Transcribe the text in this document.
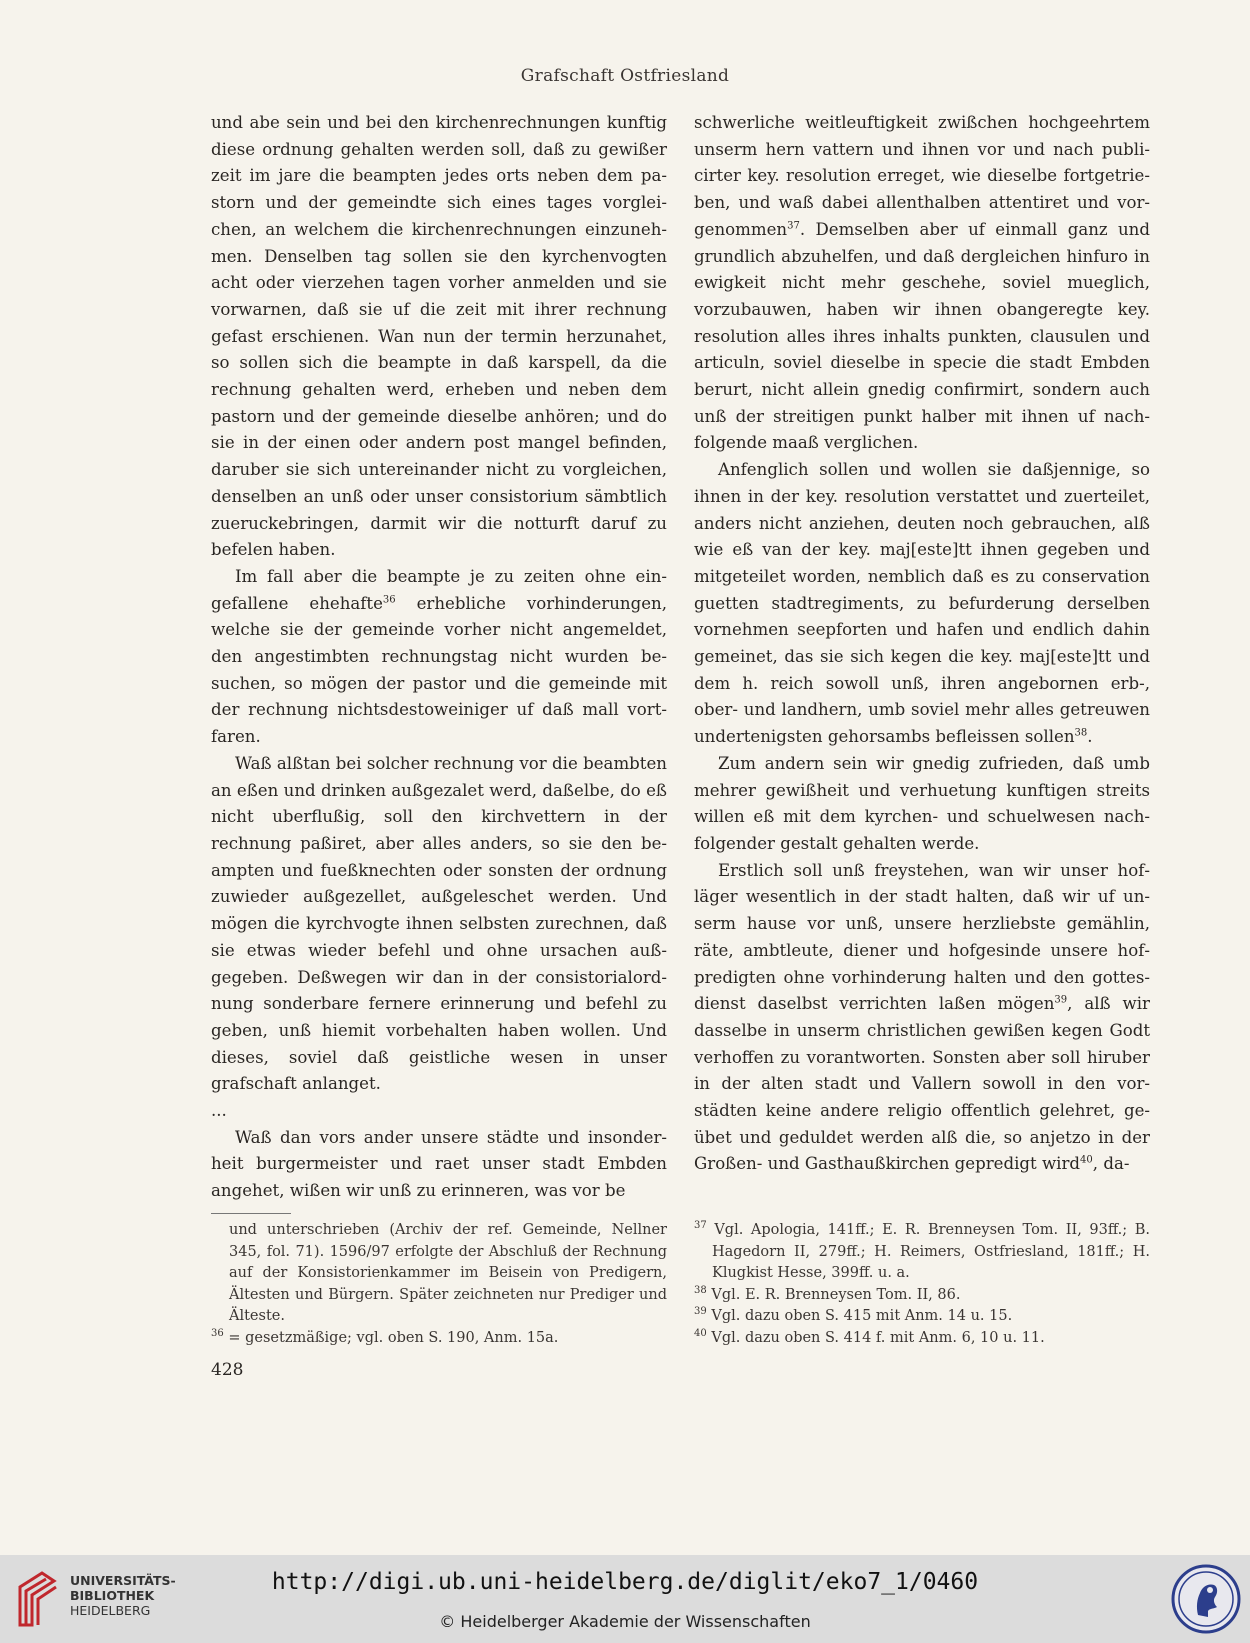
Grafschaft Ostfriesland

und abe sein und bei den kirchenrechnungen kunftig diese ordnung gehalten werden soll, daß zu gewißer zeit im jare die beampten jedes orts neben dem pastorn und der gemeindte sich eines tages vorgleichen, an welchem die kirchenrechnungen einzunehmen. Denselben tag sollen sie den kyrchenvogten acht oder vierzehen tagen vorher anmelden und sie vorwarnen, daß sie uf die zeit mit ihrer rechnung gefast erschienen. Wan nun der termin herzunahet, so sollen sich die beampte in daß karspell, da die rechnung gehalten werd, erheben und neben dem pastorn und der gemeinde dieselbe anhören; und do sie in der einen oder andern post mangel befinden, daruber sie sich untereinander nicht zu vorgleichen, denselben an unß oder unser consistorium sämbtlich zueruckebringen, darmit wir die notturft daruf zu befelen haben.

Im fall aber die beampte je zu zeiten ohne eingefallene ehehafte$^{36}$ erhebliche vorhinderungen, welche sie der gemeinde vorher nicht angemeldet, den angestimbten rechnungstag nicht wurden besuchen, so mögen der pastor und die gemeinde mit der rechnung nichtsdestoweiniger uf daß mall vortfaren.

Waß alßtan bei solcher rechnung vor die beambten an eßen und drinken außgezalet werd, daßelbe, do eß nicht uberflußig, soll den kirchvettern in der rechnung paßiret, aber alles anders, so sie den beampten und fueßknechten oder sonsten der ordnung zuwieder außgezellet, außgeleschet werden. Und mögen die kyrchvogte ihnen selbsten zurechnen, daß sie etwas wieder befehl und ohne ursachen außgegeben. Deßwegen wir dan in der consistorialordnung sonderbare fernere erinnerung und befehl zu geben, unß hiemit vorbehalten haben wollen. Und dieses, soviel daß geistliche wesen in unser grafschaft anlanget.

...

Waß dan vors ander unsere städte und insonderheit burgermeister und raet unser stadt Embden angehet, wißen wir unß zu erinneren, was vor be

schwerliche weitleuftigkeit zwißchen hochgeehrtem unserm hern vattern und ihnen vor und nach publicirter key. resolution erreget, wie dieselbe fortgetrieben, und waß dabei allenthalben attentiret und vorgenommen$^{37}$. Demselben aber uf einmall ganz und grundlich abzuhelfen, und daß dergleichen hinfuro in ewigkeit nicht mehr geschehe, soviel mueglich, vorzubauwen, haben wir ihnen obangeregte key. resolution alles ihres inhalts punkten, clausulen und articuln, soviel dieselbe in specie die stadt Embden berurt, nicht allein gnedig confirmirt, sondern auch unß der streitigen punkt halber mit ihnen uf nachfolgende maaß verglichen.

Anfenglich sollen und wollen sie daßjennige, so ihnen in der key. resolution verstattet und zuerteilet, anders nicht anziehen, deuten noch gebrauchen, alß wie eß van der key. maj[este]tt ihnen gegeben und mitgeteilet worden, nemblich daß es zu conservation guetten stadtregiments, zu befurderung derselben vornehmen seepforten und hafen und endlich dahin gemeinet, das sie sich kegen die key. maj[este]tt und dem h. reich sowoll unß, ihren angebornen erb-, ober- und landhern, umb soviel mehr alles getreuwen undertenigsten gehorsambs befleissen sollen$^{38}$.

Zum andern sein wir gnedig zufrieden, daß umb mehrer gewißheit und verhuetung kunftigen streits willen eß mit dem kyrchen- und schuelwesen nachfolgender gestalt gehalten werde.

Erstlich soll unß freystehen, wan wir unser hofläger wesentlich in der stadt halten, daß wir uf unserm hause vor unß, unsere herzliebste gemählin, räte, ambtleute, diener und hofgesinde unsere hofpredigten ohne vorhinderung halten und den gottesdienst daselbst verrichten laßen mögen$^{39}$, alß wir dasselbe in unserm christlichen gewißen kegen Godt verhoffen zu vorantworten. Sonsten aber soll hiruber in der alten stadt und Vallern sowoll in den vorstädten keine andere religio offentlich gelehret, geübet und geduldet werden alß die, so anjetzo in der Großen- und Gasthaußkirchen gepredigt wird$^{40}$, da-

und unterschrieben (Archiv der ref. Gemeinde, Nellner 345, fol. 71). 1596/97 erfolgte der Abschluß der Rechnung auf der Konsistorienkammer im Beisein von Predigern, Ältesten und Bürgern. Später zeichneten nur Prediger und Älteste.

$^{36}$ = gesetzmäßige; vgl. oben S. 190, Anm. 15a.

$^{37}$ Vgl. Apologia, 141ff.; E. R. Brenneysen Tom. II, 93ff.; B. Hagedorn II, 279ff.; H. Reimers, Ostfriesland, 181ff.; H. Klugkist Hesse, 399ff. u. a.

$^{38}$ Vgl. E. R. Brenneysen Tom. II, 86.

$^{39}$ Vgl. dazu oben S. 415 mit Anm. 14 u. 15.

$^{40}$ Vgl. dazu oben S. 414 f. mit Anm. 6, 10 u. 11.

428
UNIVERSITÄTS-
BIBLIOTHEK
HEIDELBERG
http://digi.ub.uni-heidelberg.de/diglit/eko7_1/0460
© Heidelberger Akademie der Wissenschaften
